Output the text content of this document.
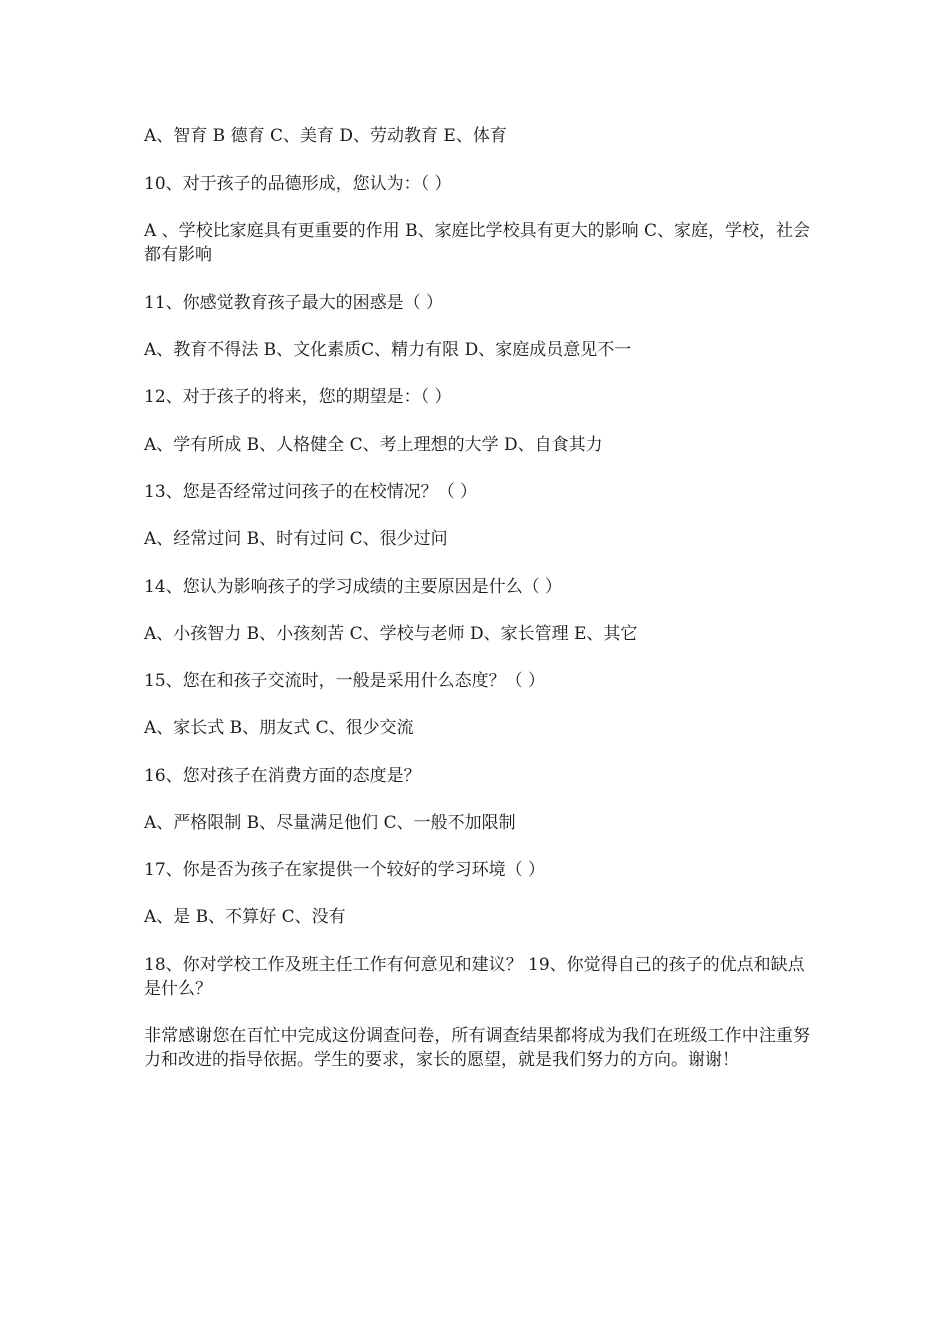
A、智育 B 德育 C、美育 D、劳动教育 E、体育
10、对于孩子的品德形成，您认为：（ ）
A 、学校比家庭具有更重要的作用 B、家庭比学校具有更大的影响 C、家庭，学校，社会都有影响
11、你感觉教育孩子最大的困惑是（ ）
A、教育不得法 B、文化素质C、精力有限 D、家庭成员意见不一
12、对于孩子的将来，您的期望是：（ ）
A、学有所成 B、人格健全 C、考上理想的大学 D、自食其力
13、您是否经常过问孩子的在校情况？（ ）
A、经常过问 B、时有过问 C、很少过问
14、您认为影响孩子的学习成绩的主要原因是什么（ ）
A、小孩智力 B、小孩刻苦 C、学校与老师 D、家长管理 E、其它
15、您在和孩子交流时，一般是采用什么态度？（ ）
A、家长式 B、朋友式 C、很少交流
16、您对孩子在消费方面的态度是？
A、严格限制 B、尽量满足他们 C、一般不加限制
17、你是否为孩子在家提供一个较好的学习环境（ ）
A、是 B、不算好 C、没有
18、你对学校工作及班主任工作有何意见和建议？ 19、你觉得自己的孩子的优点和缺点是什么？
非常感谢您在百忙中完成这份调查问卷，所有调查结果都将成为我们在班级工作中注重努力和改进的指导依据。学生的要求，家长的愿望，就是我们努力的方向。谢谢！
